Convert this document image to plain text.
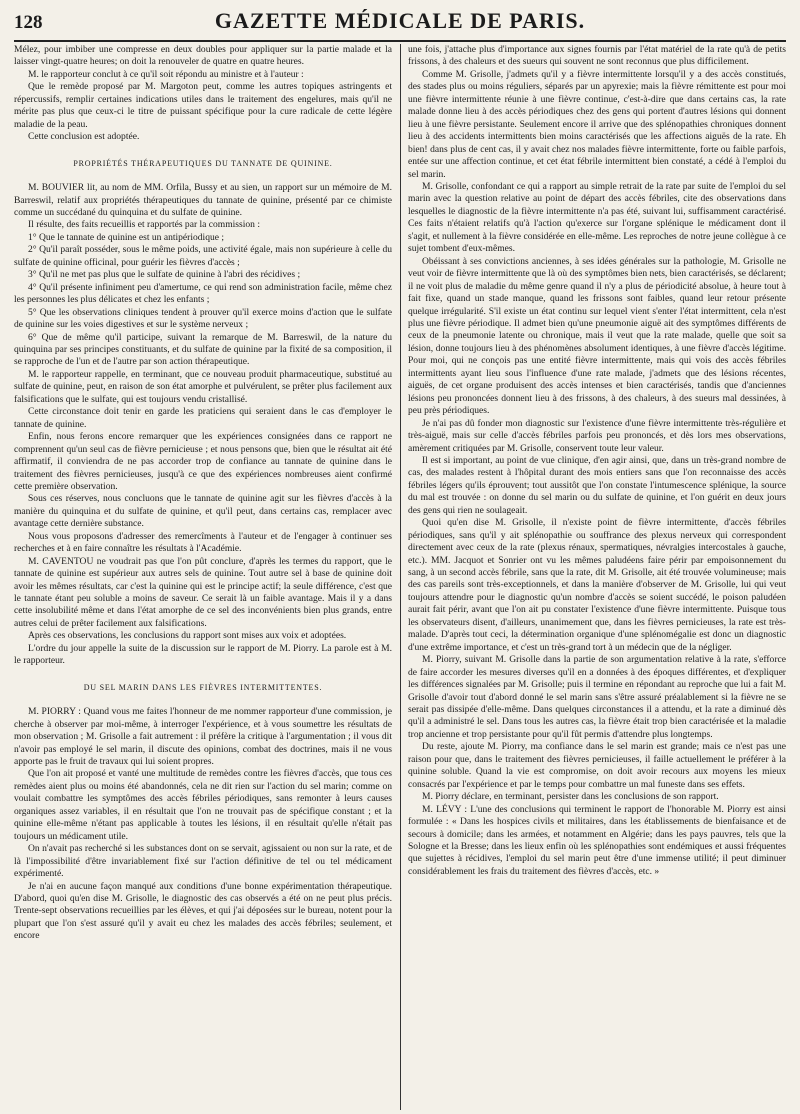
128	GAZETTE MÉDICALE DE PARIS.

Mélez, pour imbiber une compresse en deux doubles pour appliquer sur la partie malade et la laisser vingt-quatre heures; on doit la renouveler de quatre en quatre heures.

M. le rapporteur conclut à ce qu'il soit répondu au ministre et à l'auteur :

Que le remède proposé par M. Margoton peut, comme les autres topiques astringents et répercussifs, remplir certaines indications utiles dans le traitement des engelures, mais qu'il ne mérite pas plus que ceux-ci le titre de puissant spécifique pour la cure radicale de cette légère maladie de la peau.

Cette conclusion est adoptée.

PROPRIÉTÉS THÉRAPEUTIQUES DU TANNATE DE QUININE.

M. BOUVIER lit, au nom de MM. Orfila, Bussy et au sien, un rapport sur un mémoire de M. Barreswil, relatif aux propriétés thérapeutiques du tannate de quinine, présenté par ce chimiste comme un succédané du quinquina et du sulfate de quinine.

Il résulte, des faits recueillis et rapportés par la commission :

1° Que le tannate de quinine est un antipériodique ;

2° Qu'il paraît posséder, sous le même poids, une activité égale, mais non supérieure à celle du sulfate de quinine officinal, pour guérir les fièvres d'accès ;

3° Qu'il ne met pas plus que le sulfate de quinine à l'abri des récidives ;

4° Qu'il présente infiniment peu d'amertume, ce qui rend son administration facile, même chez les personnes les plus délicates et chez les enfants ;

5° Que les observations cliniques tendent à prouver qu'il exerce moins d'action que le sulfate de quinine sur les voies digestives et sur le système nerveux ;

6° Que de même qu'il participe, suivant la remarque de M. Barreswil, de la nature du quinquina par ses principes constituants, et du sulfate de quinine par la fixité de sa composition, il se rapproche de l'un et de l'autre par son action thérapeutique.

M. le rapporteur rappelle, en terminant, que ce nouveau produit pharmaceutique, substitué au sulfate de quinine, peut, en raison de son état amorphe et pulvérulent, se prêter plus facilement aux falsifications que le sulfate, qui est toujours vendu cristallisé.

Cette circonstance doit tenir en garde les praticiens qui seraient dans le cas d'employer le tannate de quinine.

Enfin, nous ferons encore remarquer que les expériences consignées dans ce rapport ne comprennent qu'un seul cas de fièvre pernicieuse ; et nous pensons que, bien que le résultat ait été affirmatif, il conviendra de ne pas accorder trop de confiance au tannate de quinine dans le traitement des fièvres pernicieuses, jusqu'à ce que des expériences nombreuses aient confirmé cette première observation.

Sous ces réserves, nous concluons que le tannate de quinine agit sur les fièvres d'accès à la manière du quinquina et du sulfate de quinine, et qu'il peut, dans certains cas, remplacer avec avantage cette dernière substance.

Nous vous proposons d'adresser des remercîments à l'auteur et de l'engager à continuer ses recherches et à en faire connaître les résultats à l'Académie.

M. CAVENTOU ne voudrait pas que l'on pût conclure, d'après les termes du rapport, que le tannate de quinine est supérieur aux autres sels de quinine. Tout autre sel à base de quinine doit avoir les mêmes résultats, car c'est la quinine qui est le principe actif; la seule différence, c'est que le tannate étant peu soluble a moins de saveur. Ce serait là un faible avantage. Mais il y a dans cette insolubilité même et dans l'état amorphe de ce sel des inconvénients bien plus grands, entre autres celui de prêter facilement aux falsifications.

Après ces observations, les conclusions du rapport sont mises aux voix et adoptées.

L'ordre du jour appelle la suite de la discussion sur le rapport de M. Piorry. La parole est à M. le rapporteur.

DU SEL MARIN DANS LES FIÈVRES INTERMITTENTES.

M. PIORRY : Quand vous me faites l'honneur de me nommer rapporteur d'une commission, je cherche à observer par moi-même, à interroger l'expérience, et à vous soumettre les résultats de mon observation ; M. Grisolle a fait autrement : il préfère la critique à l'argumentation ; il vous dit n'avoir pas employé le sel marin, il discute des opinions, combat des doctrines, mais il ne vous apporte pas le fruit de travaux qui lui soient propres.

Que l'on ait proposé et vanté une multitude de remèdes contre les fièvres d'accès, que tous ces remèdes aient plus ou moins été abandonnés, cela ne dit rien sur l'action du sel marin; comme on voulait combattre les symptômes des accès fébriles périodiques, sans remonter à leurs causes organiques assez variables, il en résultait que l'on ne trouvait pas de spécifique constant ; et la quinine elle-même n'étant pas applicable à toutes les lésions, il en résultait qu'elle n'était pas toujours un médicament utile.

On n'avait pas recherché si les substances dont on se servait, agissaient ou non sur la rate, et de là l'impossibilité d'être invariablement fixé sur l'action définitive de tel ou tel médicament expérimenté.

Je n'ai en aucune façon manqué aux conditions d'une bonne expérimentation thérapeutique. D'abord, quoi qu'en dise M. Grisolle, le diagnostic des cas observés a été on ne peut plus précis. Trente-sept observations recueillies par les élèves, et qui j'ai déposées sur le bureau, notent pour la plupart que l'on s'est assuré qu'il y avait eu chez les malades des accès fébriles; seulement, et encore

une fois, j'attache plus d'importance aux signes fournis par l'état matériel de la rate qu'à de petits frissons, à des chaleurs et des sueurs qui souvent ne sont reconnus que plus difficilement.

Comme M. Grisolle, j'admets qu'il y a fièvre intermittente lorsqu'il y a des accès constitués, des stades plus ou moins réguliers, séparés par un apyrexie; mais la fièvre rémittente est pour moi une fièvre intermittente réunie à une fièvre continue, c'est-à-dire que dans certains cas, la rate malade donne lieu à des accès périodiques chez des gens qui portent d'autres lésions qui donnent lieu à une fièvre persistante. Seulement encore il arrive que des splénopathies chroniques donnent lieu à des accidents intermittents bien moins caractérisés que les affections aiguës de la rate. Eh bien! dans plus de cent cas, il y avait chez nos malades fièvre intermittente, forte ou faible parfois, entée sur une affection continue, et cet état fébrile intermittent bien constaté, a cédé à l'emploi du sel marin.

M. Grisolle, confondant ce qui a rapport au simple retrait de la rate par suite de l'emploi du sel marin avec la question relative au point de départ des accès fébriles, cite des observations dans lesquelles le diagnostic de la fièvre intermittente n'a pas été, suivant lui, suffisamment caractérisé. Ces faits n'étaient relatifs qu'à l'action qu'exerce sur l'organe splénique le médicament dont il s'agit, et nullement à la fièvre considérée en elle-même. Les reproches de notre jeune collègue à ce sujet tombent d'eux-mêmes.

Obéissant à ses convictions anciennes, à ses idées générales sur la pathologie, M. Grisolle ne veut voir de fièvre intermittente que là où des symptômes bien nets, bien caractérisés, se déclarent; il ne voit plus de maladie du même genre quand il n'y a plus de périodicité absolue, à heure tout à fait fixe, quand un stade manque, quand les frissons sont faibles, quand leur retour présente quelque irrégularité. S'il existe un état continu sur lequel vient s'enter l'état intermittent, cela n'est plus une fièvre périodique. Il admet bien qu'une pneumonie aiguë ait des symptômes différents de ceux de la pneumonie latente ou chronique, mais il veut que la rate malade, quelle que soit sa lésion, donne toujours lieu à des phénomènes absolument identiques, à une fièvre d'accès légitime. Pour moi, qui ne conçois pas une entité fièvre intermittente, mais qui vois des accès fébriles intermittents ayant lieu sous l'influence d'une rate malade, j'admets que des lésions récentes, aiguës, de cet organe produisent des accès intenses et bien caractérisés, tandis que d'anciennes lésions peu prononcées donnent lieu à des frissons, à des chaleurs, à des sueurs mal dessinées, à peu près périodiques.

Je n'ai pas dû fonder mon diagnostic sur l'existence d'une fièvre intermittente très-régulière et très-aiguë, mais sur celle d'accès fébriles parfois peu prononcés, et dès lors mes observations, amèrement critiquées par M. Grisolle, conservent toute leur valeur.

Il est si important, au point de vue clinique, d'en agir ainsi, que, dans un très-grand nombre de cas, des malades restent à l'hôpital durant des mois entiers sans que l'on reconnaisse des accès fébriles légers qu'ils éprouvent; tout aussitôt que l'on constate l'intumescence splénique, la source du mal est trouvée : on donne du sel marin ou du sulfate de quinine, et l'on guérit en deux jours des gens qui rien ne soulageait.

Quoi qu'en dise M. Grisolle, il n'existe point de fièvre intermittente, d'accès fébriles périodiques, sans qu'il y ait splénopathie ou souffrance des plexus nerveux qui correspondent directement avec ceux de la rate (plexus rénaux, spermatiques, névralgies intercostales à gauche, etc.). MM. Jacquot et Sonrier ont vu les mêmes paludéens faire périr par empoisonnement du sang, à un second accès fébrile, sans que la rate, dit M. Grisolle, ait été trouvée volumineuse; mais des cas pareils sont très-exceptionnels, et dans la manière d'observer de M. Grisolle, lui qui veut toujours attendre pour le diagnostic qu'un nombre d'accès se soient succédé, le poison paludéen aurait fait périr, avant que l'on ait pu constater l'existence d'une fièvre intermittente. Puisque tous les observateurs disent, d'ailleurs, unanimement que, dans les fièvres pernicieuses, la rate est très-malade. D'après tout ceci, la détermination organique d'une splénomégalie est donc un diagnostic d'une extrême importance, et c'est un très-grand tort à un médecin que de la négliger.

M. Piorry, suivant M. Grisolle dans la partie de son argumentation relative à la rate, s'efforce de faire accorder les mesures diverses qu'il en a données à des époques différentes, et d'expliquer les différences signalées par M. Grisolle; puis il termine en répondant au reproche que lui a fait M. Grisolle d'avoir tout d'abord donné le sel marin sans s'être assuré préalablement si la fièvre ne se serait pas dissipée d'elle-même. Dans quelques circonstances il a attendu, et la rate a diminué dès qu'il a administré le sel. Dans tous les autres cas, la fièvre était trop bien caractérisée et la maladie trop ancienne et trop persistante pour qu'il fût permis d'attendre plus longtemps.

Du reste, ajoute M. Piorry, ma confiance dans le sel marin est grande; mais ce n'est pas une raison pour que, dans le traitement des fièvres pernicieuses, il faille actuellement le préférer à la quinine soluble. Quand la vie est compromise, on doit avoir recours aux moyens les mieux consacrés par l'expérience et par le temps pour combattre un mal funeste dans ses effets.

M. Piorry déclare, en terminant, persister dans les conclusions de son rapport.

M. LÉVY : L'une des conclusions qui terminent le rapport de l'honorable M. Piorry est ainsi formulée : « Dans les hospices civils et militaires, dans les établissements de bienfaisance et de secours à domicile; dans les armées, et notamment en Algérie; dans les pays pauvres, tels que la Sologne et la Bresse; dans les lieux enfin où les splénopathies sont endémiques et aussi fréquentes que sujettes à récidives, l'emploi du sel marin peut être d'une immense utilité; il peut diminuer considérablement les frais du traitement des fièvres d'accès, etc. »
